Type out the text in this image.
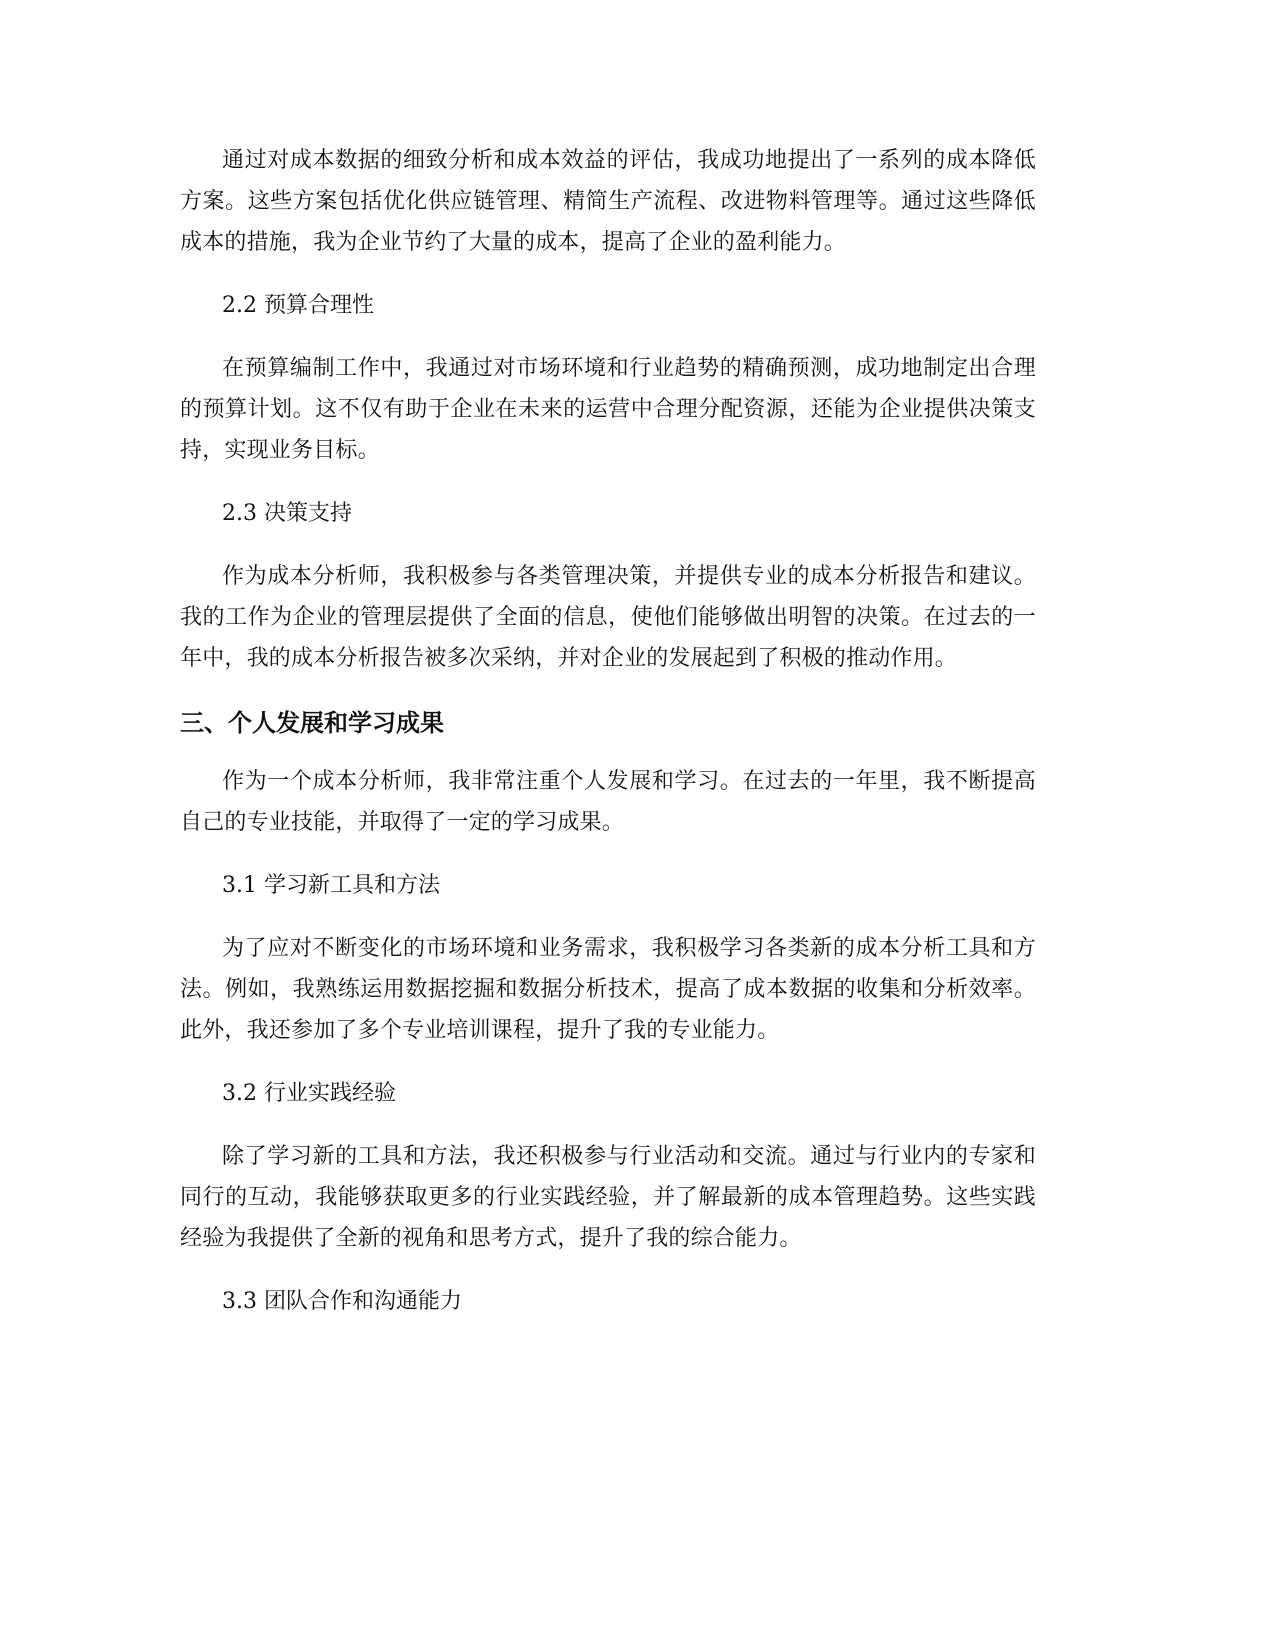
通过对成本数据的细致分析和成本效益的评估，我成功地提出了一系列的成本降低方案。这些方案包括优化供应链管理、精简生产流程、改进物料管理等。通过这些降低成本的措施，我为企业节约了大量的成本，提高了企业的盈利能力。

2.2 预算合理性

在预算编制工作中，我通过对市场环境和行业趋势的精确预测，成功地制定出合理的预算计划。这不仅有助于企业在未来的运营中合理分配资源，还能为企业提供决策支持，实现业务目标。

2.3 决策支持

作为成本分析师，我积极参与各类管理决策，并提供专业的成本分析报告和建议。我的工作为企业的管理层提供了全面的信息，使他们能够做出明智的决策。在过去的一年中，我的成本分析报告被多次采纳，并对企业的发展起到了积极的推动作用。

三、个人发展和学习成果

作为一个成本分析师，我非常注重个人发展和学习。在过去的一年里，我不断提高自己的专业技能，并取得了一定的学习成果。

3.1 学习新工具和方法

为了应对不断变化的市场环境和业务需求，我积极学习各类新的成本分析工具和方法。例如，我熟练运用数据挖掘和数据分析技术，提高了成本数据的收集和分析效率。此外，我还参加了多个专业培训课程，提升了我的专业能力。

3.2 行业实践经验

除了学习新的工具和方法，我还积极参与行业活动和交流。通过与行业内的专家和同行的互动，我能够获取更多的行业实践经验，并了解最新的成本管理趋势。这些实践经验为我提供了全新的视角和思考方式，提升了我的综合能力。

3.3 团队合作和沟通能力
